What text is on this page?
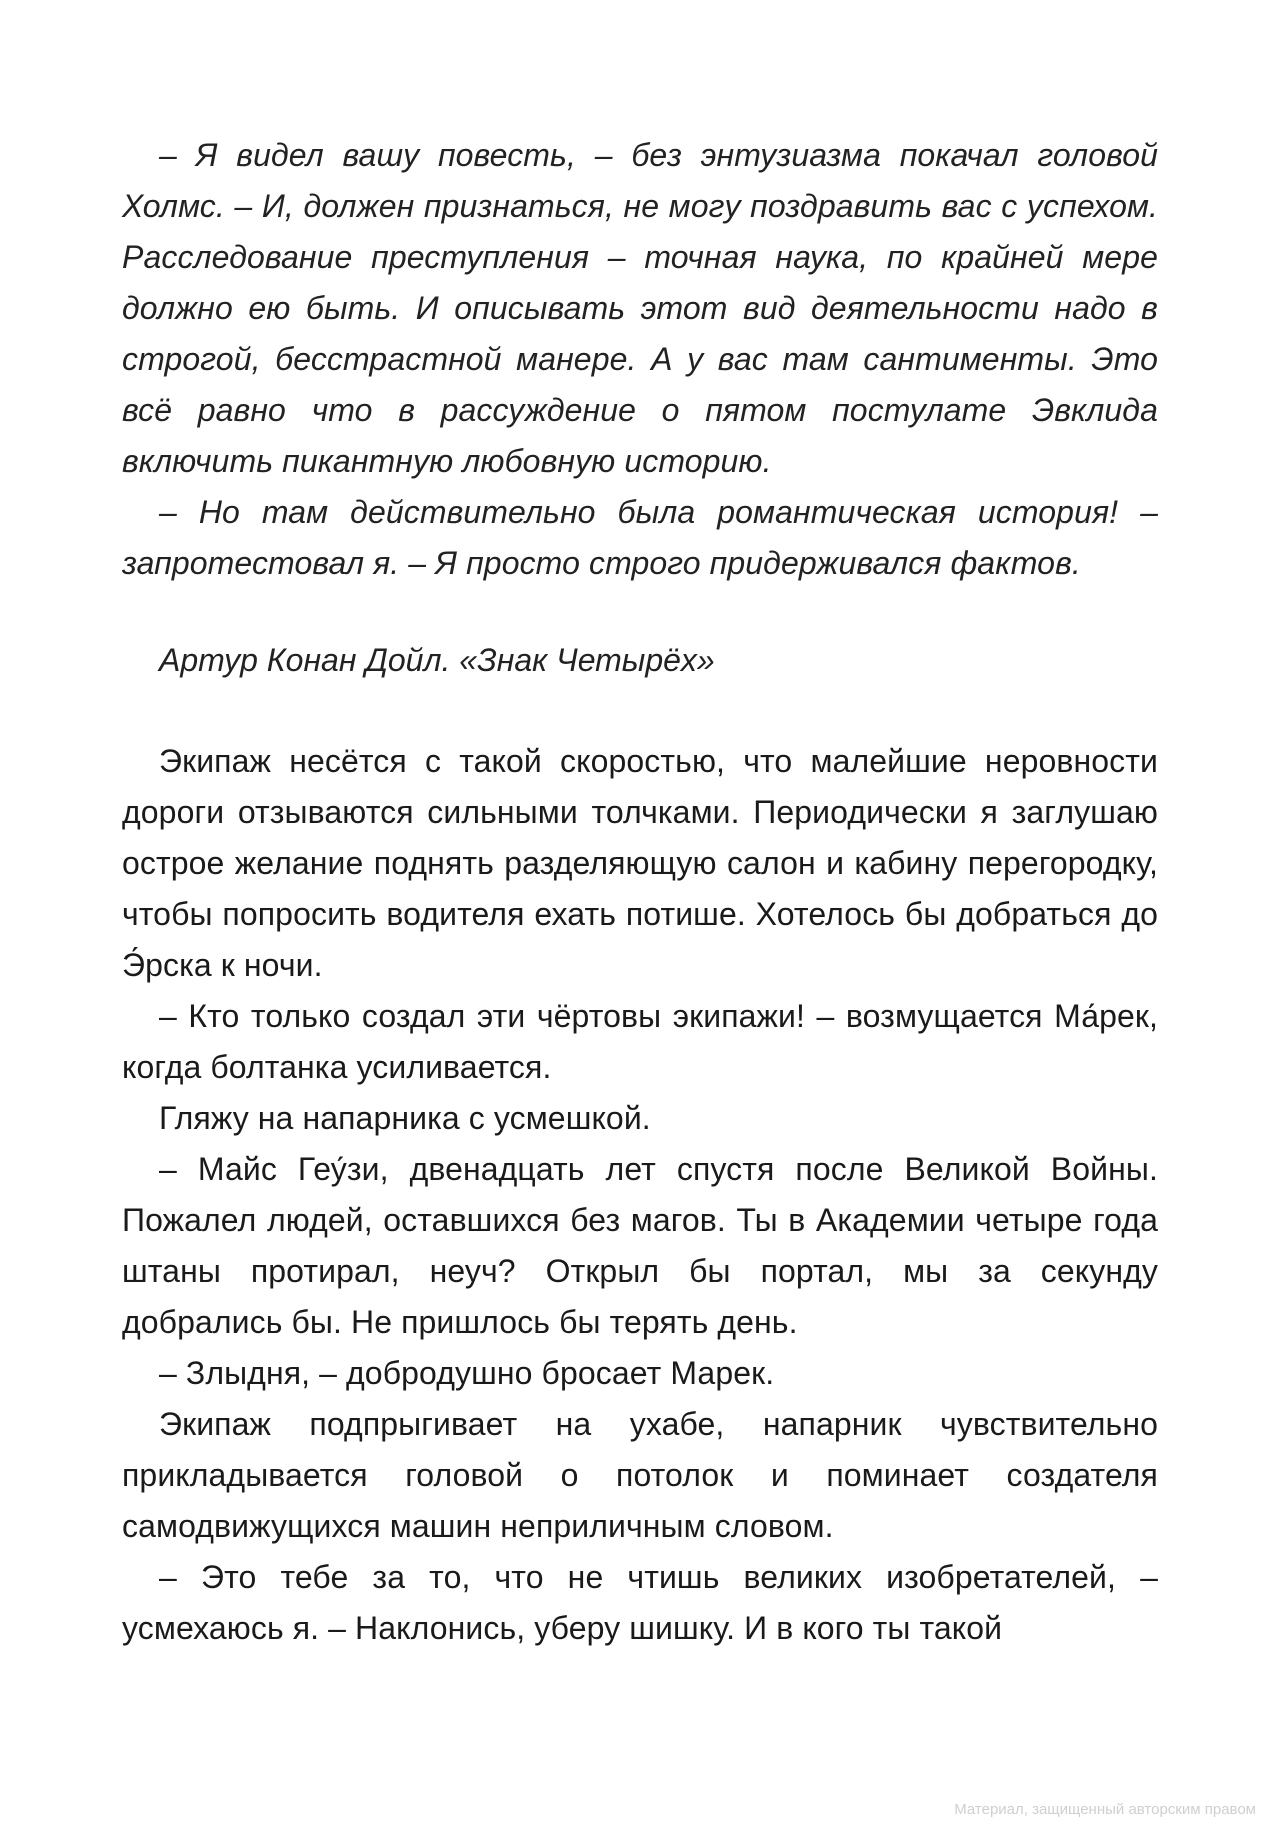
– Я видел вашу повесть, – без энтузиазма покачал головой Холмс. – И, должен признаться, не могу поздравить вас с успехом. Расследование преступления – точная наука, по крайней мере должно ею быть. И описывать этот вид деятельности надо в строгой, бесстрастной манере. А у вас там сантименты. Это всё равно что в рассуждение о пятом постулате Эвклида включить пикантную любовную историю.

– Но там действительно была романтическая история! – запротестовал я. – Я просто строго придерживался фактов.

Артур Конан Дойл. «Знак Четырёх»

Экипаж несётся с такой скоростью, что малейшие неровности дороги отзываются сильными толчками. Периодически я заглушаю острое желание поднять разделяющую салон и кабину перегородку, чтобы попросить водителя ехать потише. Хотелось бы добраться до Э́рска к ночи.

– Кто только создал эти чёртовы экипажи! – возмущается Ма́рек, когда болтанка усиливается.

Гляжу на напарника с усмешкой.

– Майс Геу́зи, двенадцать лет спустя после Великой Войны. Пожалел людей, оставшихся без магов. Ты в Академии четыре года штаны протирал, неуч? Открыл бы портал, мы за секунду добрались бы. Не пришлось бы терять день.

– Злыдня, – добродушно бросает Марек.

Экипаж подпрыгивает на ухабе, напарник чувствительно прикладывается головой о потолок и поминает создателя самодвижущихся машин неприличным словом.

– Это тебе за то, что не чтишь великих изобретателей, – усмехаюсь я. – Наклонись, уберу шишку. И в кого ты такой

Материал, защищенный авторским правом
